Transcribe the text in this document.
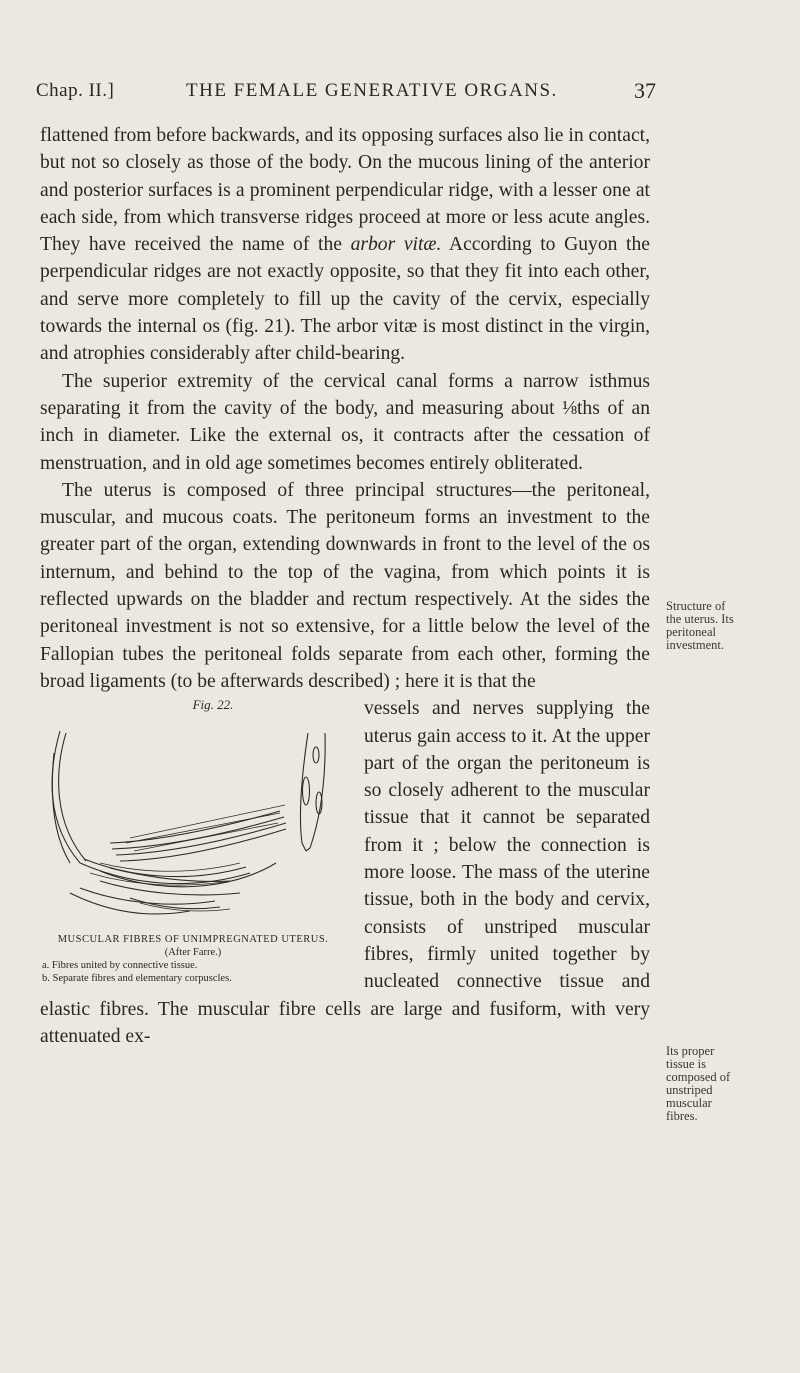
Chap. II.]	THE FEMALE GENERATIVE ORGANS.	37

flattened from before backwards, and its opposing surfaces also lie in contact, but not so closely as those of the body. On the mucous lining of the anterior and posterior surfaces is a prominent perpendicular ridge, with a lesser one at each side, from which transverse ridges proceed at more or less acute angles. They have received the name of the arbor vitæ. According to Guyon the perpendicular ridges are not exactly opposite, so that they fit into each other, and serve more completely to fill up the cavity of the cervix, especially towards the internal os (fig. 21). The arbor vitæ is most distinct in the virgin, and atrophies considerably after child-bearing.

The superior extremity of the cervical canal forms a narrow isthmus separating it from the cavity of the body, and measuring about ⅛ths of an inch in diameter. Like the external os, it contracts after the cessation of menstruation, and in old age sometimes becomes entirely obliterated.

The uterus is composed of three principal structures—the peritoneal, muscular, and mucous coats. The peritoneum forms an investment to the greater part of the organ, extending downwards in front to the level of the os internum, and behind to the top of the vagina, from which points it is reflected upwards on the bladder and rectum respectively. At the sides the peritoneal investment is not so extensive, for a little below the level of the Fallopian tubes the peritoneal folds separate from each other, forming the broad ligaments (to be afterwards described) ; here it is that the

Fig. 22.
MUSCULAR FIBRES OF UNIMPREGNATED UTERUS.
(After Farre.)
a. Fibres united by connective tissue.
b. Separate fibres and elementary corpuscles.

vessels and nerves supplying the uterus gain access to it. At the upper part of the organ the peritoneum is so closely adherent to the muscular tissue that it cannot be separated from it ; below the connection is more loose. The mass of the uterine tissue, both in the body and cervix, consists of unstriped muscular fibres, firmly united together by nucleated connective tissue and elastic fibres. The muscular fibre cells are large and fusiform, with very attenuated ex-

Structure of the uterus. Its peritoneal investment.
Its proper tissue is composed of unstriped muscular fibres.
